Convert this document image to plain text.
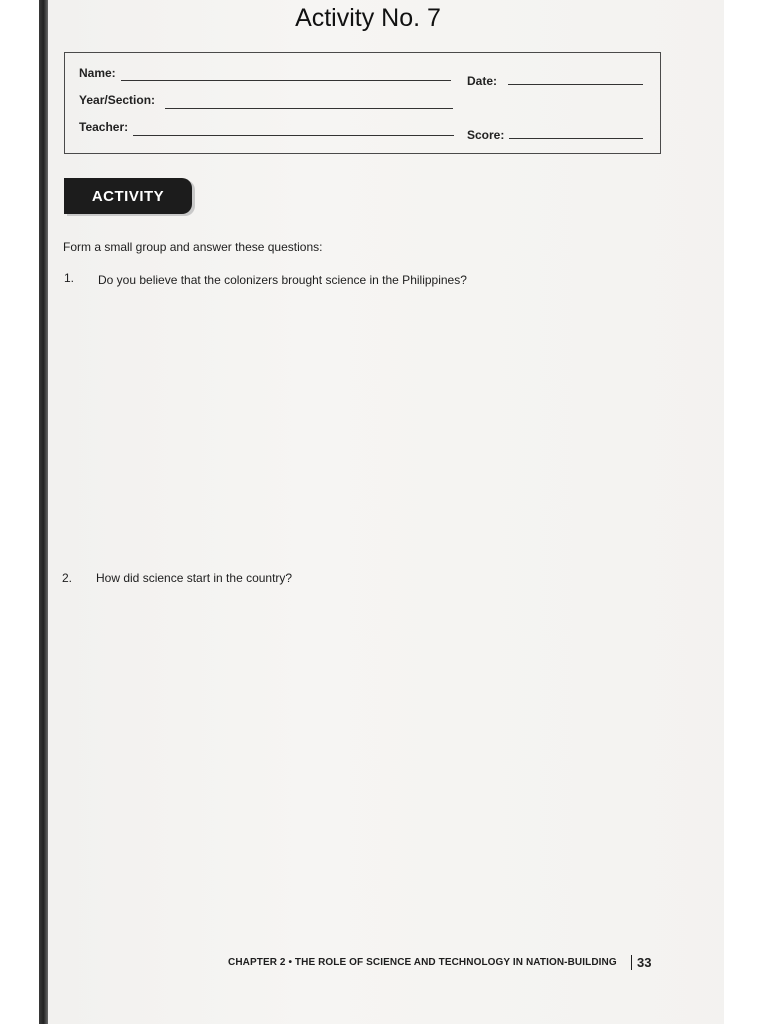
Activity No. 7
Name:
Date:
Year/Section:
Teacher:
Score:
ACTIVITY
Form a small group and answer these questions:
1. Do you believe that the colonizers brought science in the Philippines?
2. How did science start in the country?
CHAPTER 2 • THE ROLE OF SCIENCE AND TECHNOLOGY IN NATION-BUILDING	33
